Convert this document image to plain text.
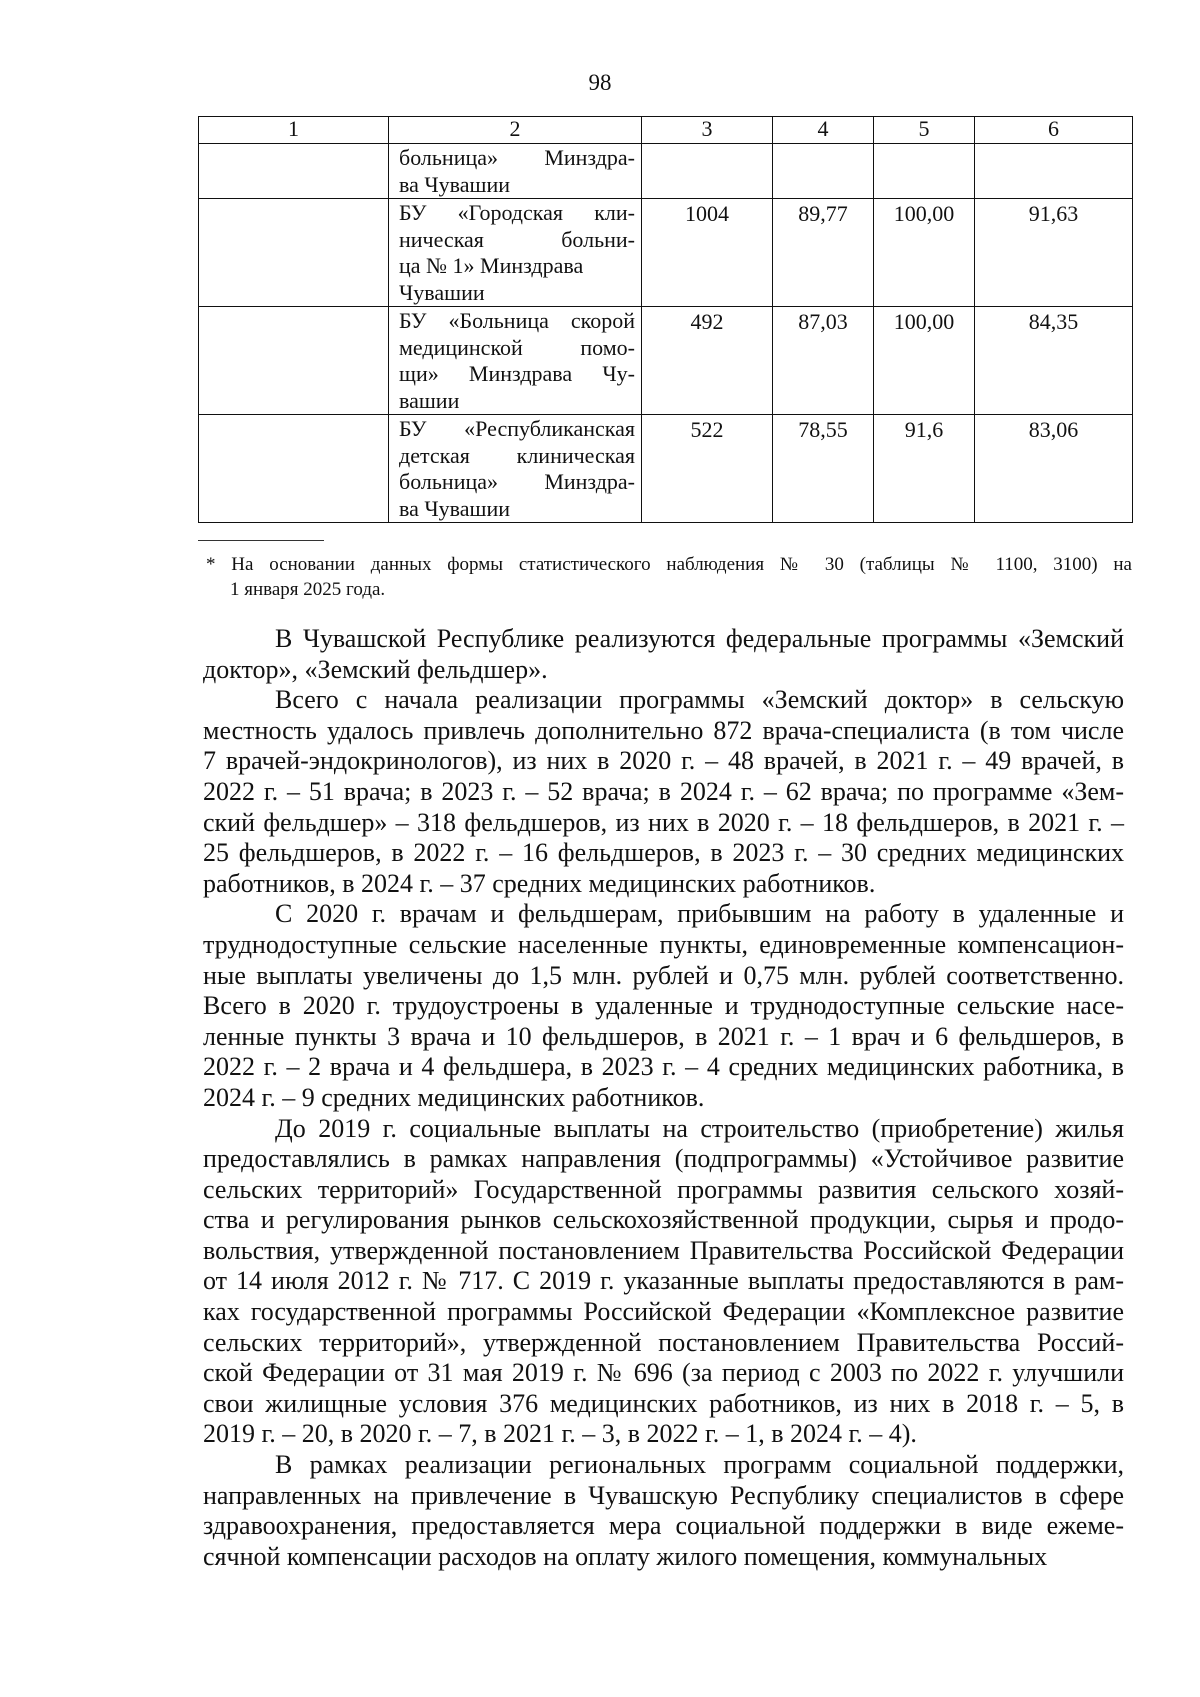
98
1	2	3	4	5	6

	больница» Минздра-
ва Чувашии				

	БУ «Городская кли-
ническая больни-
ца № 1» Минздрава
Чувашии	1004	89,77	100,00	91,63

	БУ «Больница скорой
медицинской помо-
щи» Минздрава Чу-
вашии	492	87,03	100,00	84,35

	БУ «Республиканская
детская клиническая
больница» Минздра-
ва Чувашии	522	78,55	91,6	83,06
* На основании данных формы статистического наблюдения № 30 (таблицы № 1100, 3100) на
1 января 2025 года.
В Чувашской Республике реализуются федеральные программы «Земский
доктор», «Земский фельдшер».
Всего с начала реализации программы «Земский доктор» в сельскую
местность удалось привлечь дополнительно 872 врача-специалиста (в том числе
7 врачей-эндокринологов), из них в 2020 г. – 48 врачей, в 2021 г. – 49 врачей, в
2022 г. – 51 врача; в 2023 г. – 52 врача; в 2024 г. – 62 врача; по программе «Зем-
ский фельдшер» – 318 фельдшеров, из них в 2020 г. – 18 фельдшеров, в 2021 г. –
25 фельдшеров, в 2022 г. – 16 фельдшеров, в 2023 г. – 30 средних медицинских
работников, в 2024 г. – 37 средних медицинских работников.
С 2020 г. врачам и фельдшерам, прибывшим на работу в удаленные и
труднодоступные сельские населенные пункты, единовременные компенсацион-
ные выплаты увеличены до 1,5 млн. рублей и 0,75 млн. рублей соответственно.
Всего в 2020 г. трудоустроены в удаленные и труднодоступные сельские насе-
ленные пункты 3 врача и 10 фельдшеров, в 2021 г. – 1 врач и 6 фельдшеров, в
2022 г. – 2 врача и 4 фельдшера, в 2023 г. – 4 средних медицинских работника, в
2024 г. – 9 средних медицинских работников.
До 2019 г. социальные выплаты на строительство (приобретение) жилья
предоставлялись в рамках направления (подпрограммы) «Устойчивое развитие
сельских территорий» Государственной программы развития сельского хозяй-
ства и регулирования рынков сельскохозяйственной продукции, сырья и продо-
вольствия, утвержденной постановлением Правительства Российской Федерации
от 14 июля 2012 г. № 717. С 2019 г. указанные выплаты предоставляются в рам-
ках государственной программы Российской Федерации «Комплексное развитие
сельских территорий», утвержденной постановлением Правительства Россий-
ской Федерации от 31 мая 2019 г. № 696 (за период с 2003 по 2022 г. улучшили
свои жилищные условия 376 медицинских работников, из них в 2018 г. – 5, в
2019 г. – 20, в 2020 г. – 7, в 2021 г. – 3, в 2022 г. – 1, в 2024 г. – 4).
В рамках реализации региональных программ социальной поддержки,
направленных на привлечение в Чувашскую Республику специалистов в сфере
здравоохранения, предоставляется мера социальной поддержки в виде ежеме-
сячной компенсации расходов на оплату жилого помещения, коммунальных
